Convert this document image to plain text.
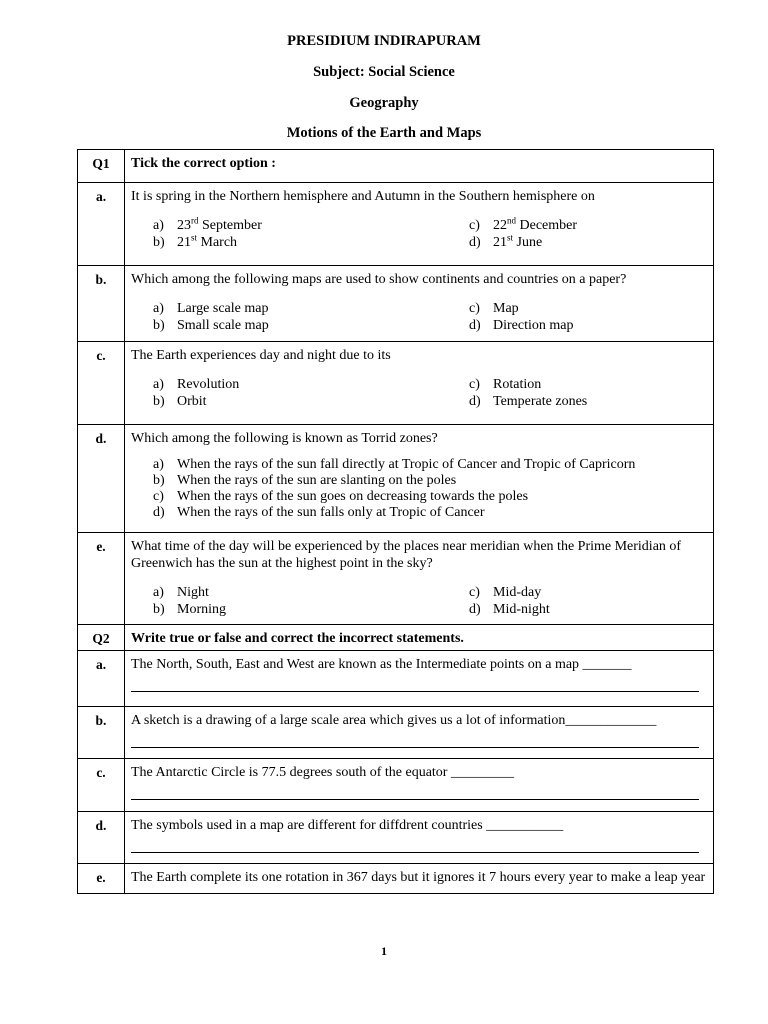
PRESIDIUM INDIRAPURAM
Subject: Social Science
Geography
Motions of the Earth and Maps
Q1	Tick the correct option :
a.	It is spring in the Northern hemisphere and Autumn in the Southern hemisphere on
a) 23rd September c) 22nd December
b) 21st March d) 21st June

b.	Which among the following maps are used to show continents and countries on a paper?
a) Large scale map c) Map
b) Small scale map d) Direction map

c.	The Earth experiences day and night due to its
a) Revolution c) Rotation
b) Orbit d) Temperate zones

d.	Which among the following is known as Torrid zones?
a) When the rays of the sun fall directly at Tropic of Cancer and Tropic of Capricorn
b) When the rays of the sun are slanting on the poles
c) When the rays of the sun goes on decreasing towards the poles
d) When the rays of the sun falls only at Tropic of Cancer

e.	What time of the day will be experienced by the places near meridian when the Prime Meridian of Greenwich has the sun at the highest point in the sky?
a) Night c) Mid-day
b) Morning d) Mid-night

Q2	Write true or false and correct the incorrect statements.
a.	The North, South, East and West are known as the Intermediate points on a map _______

b.	A sketch is a drawing of a large scale area which gives us a lot of information_____________

c.	The Antarctic Circle is 77.5 degrees south of the equator _________

d.	The symbols used in a map are different for diffdrent countries ___________

e.	The Earth complete its one rotation in 367 days but it ignores it 7 hours every year to make a leap year
1
